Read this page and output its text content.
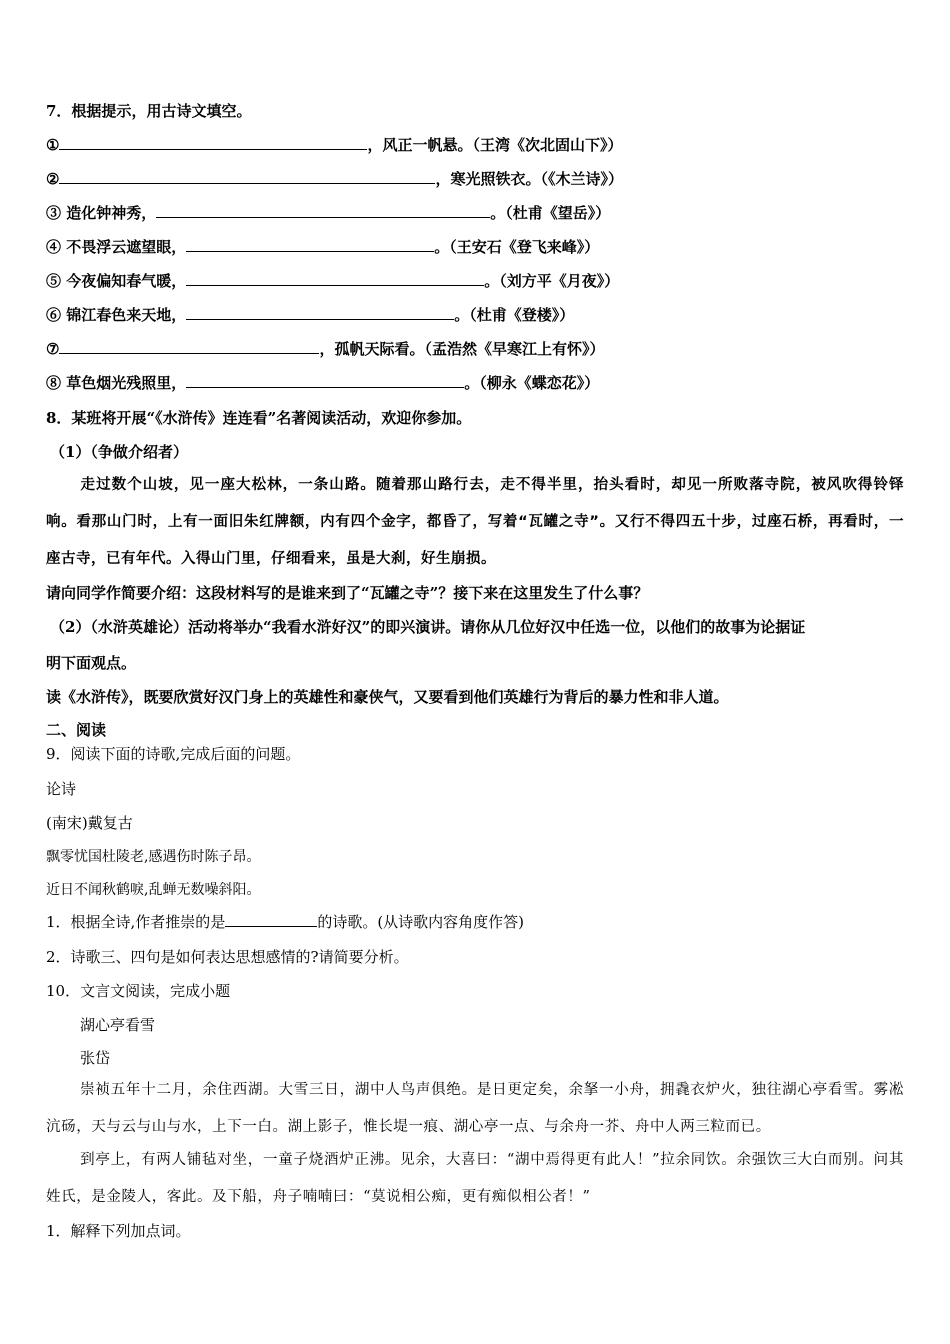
7．根据提示，用古诗文填空。
①	，风正一帆悬。（王湾《次北固山下》）
②	，寒光照铁衣。（《木兰诗》）
③ 造化钟神秀，	。（杜甫《望岳》）
④ 不畏浮云遮望眼，	。（王安石《登飞来峰》）
⑤ 今夜偏知春气暖，	。（刘方平《月夜》）
⑥ 锦江春色来天地，	。（杜甫《登楼》）
⑦	，孤帆天际看。（孟浩然《早寒江上有怀》）
⑧ 草色烟光残照里，	。（柳永《蝶恋花》）
8．某班将开展“《水浒传》连连看”名著阅读活动，欢迎你参加。
（1）（争做介绍者）
走过数个山坡，见一座大松林，一条山路。随着那山路行去，走不得半里，抬头看时，却见一所败落寺院，被风吹得铃铎响。看那山门时，上有一面旧朱红牌额，内有四个金字，都昏了，写着“瓦罐之寺”。又行不得四五十步，过座石桥，再看时，一座古寺，已有年代。入得山门里，仔细看来，虽是大刹，好生崩损。
请向同学作简要介绍：这段材料写的是谁来到了“瓦罐之寺”？接下来在这里发生了什么事？
（2）（水浒英雄论）活动将举办“我看水浒好汉”的即兴演讲。请你从几位好汉中任选一位，以他们的故事为论据证
明下面观点。
读《水浒传》，既要欣赏好汉门身上的英雄性和豪侠气，又要看到他们英雄行为背后的暴力性和非人道。
二、阅读
9．阅读下面的诗歌,完成后面的问题。
论诗
(南宋)戴复古
飘零忧国杜陵老,感遇伤时陈子昂。
近日不闻秋鹤唳,乱蝉无数噪斜阳。
1．根据全诗,作者推崇的是	的诗歌。(从诗歌内容角度作答)
2．诗歌三、四句是如何表达思想感情的?请简要分析。
10．文言文阅读，完成小题
湖心亭看雪
张岱
崇祯五年十二月，余住西湖。大雪三日，湖中人鸟声俱绝。是日更定矣，余拏一小舟，拥毳衣炉火，独往湖心亭看雪。雾凇沆砀，天与云与山与水，上下一白。湖上影子，惟长堤一痕、湖心亭一点、与余舟一芥、舟中人两三粒而已。
到亭上，有两人铺毡对坐，一童子烧酒炉正沸。见余，大喜曰：“湖中焉得更有此人！”拉余同饮。余强饮三大白而别。问其姓氏，是金陵人，客此。及下船，舟子喃喃曰：“莫说相公痴，更有痴似相公者！”
1．解释下列加点词。
